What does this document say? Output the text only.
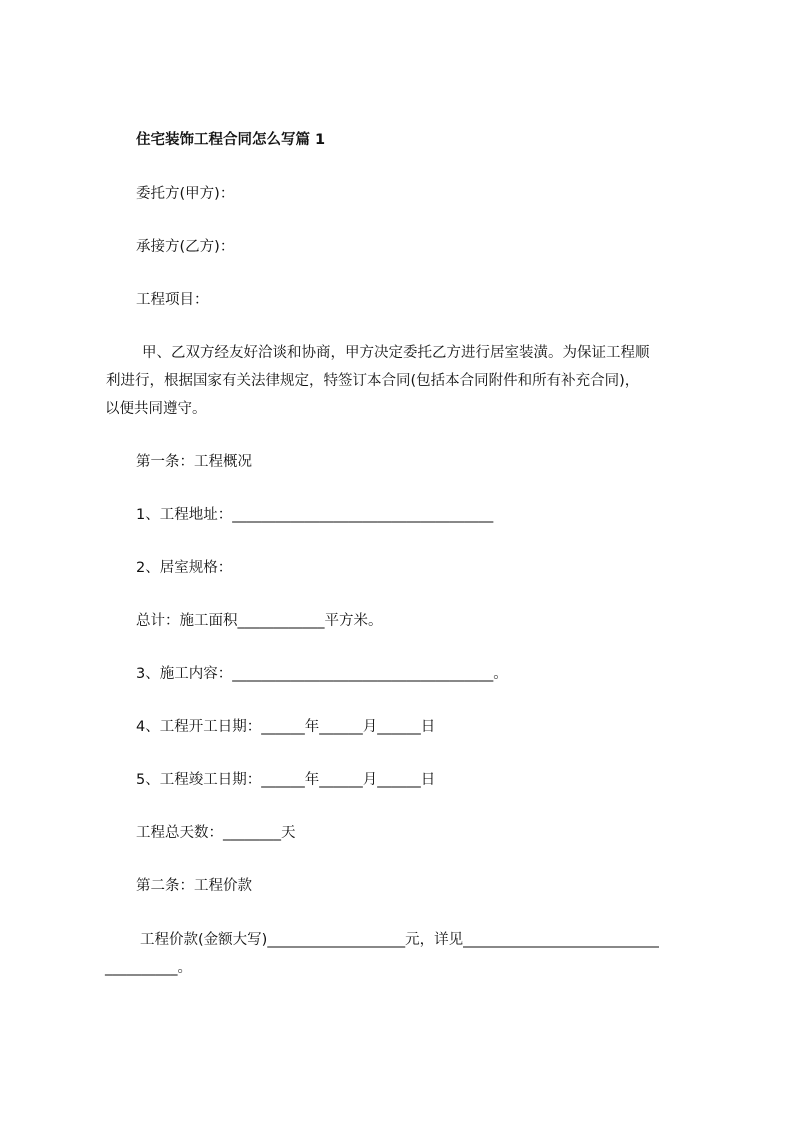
住宅装饰工程合同怎么写篇 1
委托方(甲方)：
承接方(乙方)：
工程项目：
甲、乙双方经友好洽谈和协商，甲方决定委托乙方进行居室装潢。为保证工程顺
利进行，根据国家有关法律规定，特签订本合同(包括本合同附件和所有补充合同)，
以便共同遵守。
第一条：工程概况
1、工程地址：____________________________________
2、居室规格：
总计：施工面积____________平方米。
3、施工内容：____________________________________。
4、工程开工日期：______年______月______日
5、工程竣工日期：______年______月______日
工程总天数：________天
第二条：工程价款
工程价款(金额大写)___________________元，详见___________________________
__________。
